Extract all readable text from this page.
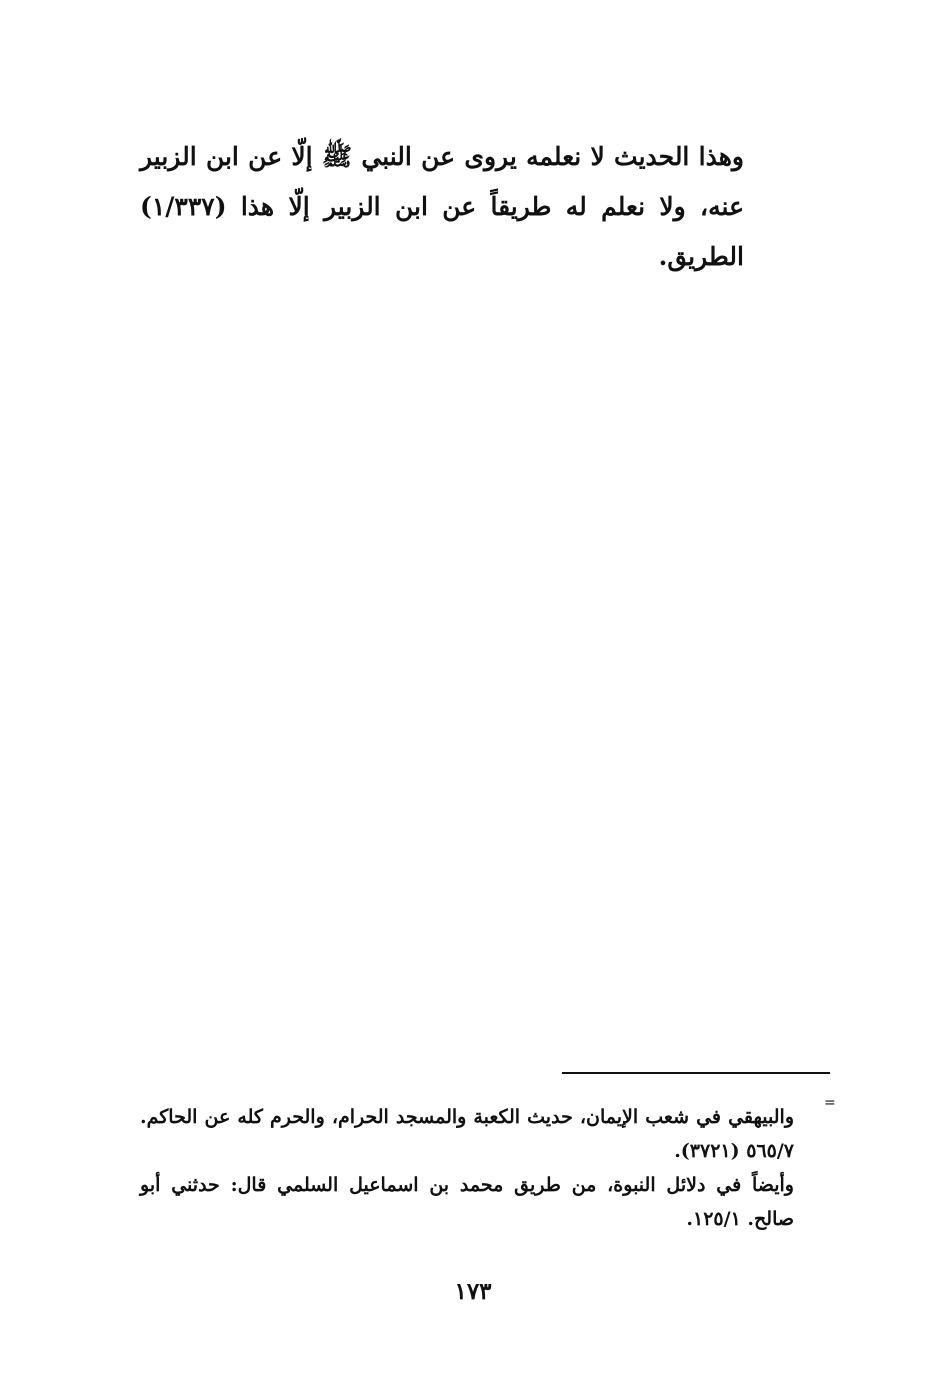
وهذا الحديث لا نعلمه يروى عن النبي ﷺ إلّا عن ابن الزبير عنه، ولا نعلم له طريقاً عن ابن الزبير إلّا هذا (١/٣٣٧) الطريق.

=

والبيهقي في شعب الإيمان، حديث الكعبة والمسجد الحرام، والحرم كله عن الحاكم. ٥٦٥/٧ (٣٧٢١).

وأيضاً في دلائل النبوة، من طريق محمد بن اسماعيل السلمي قال: حدثني أبو صالح. ١٢٥/١.

١٧٣
